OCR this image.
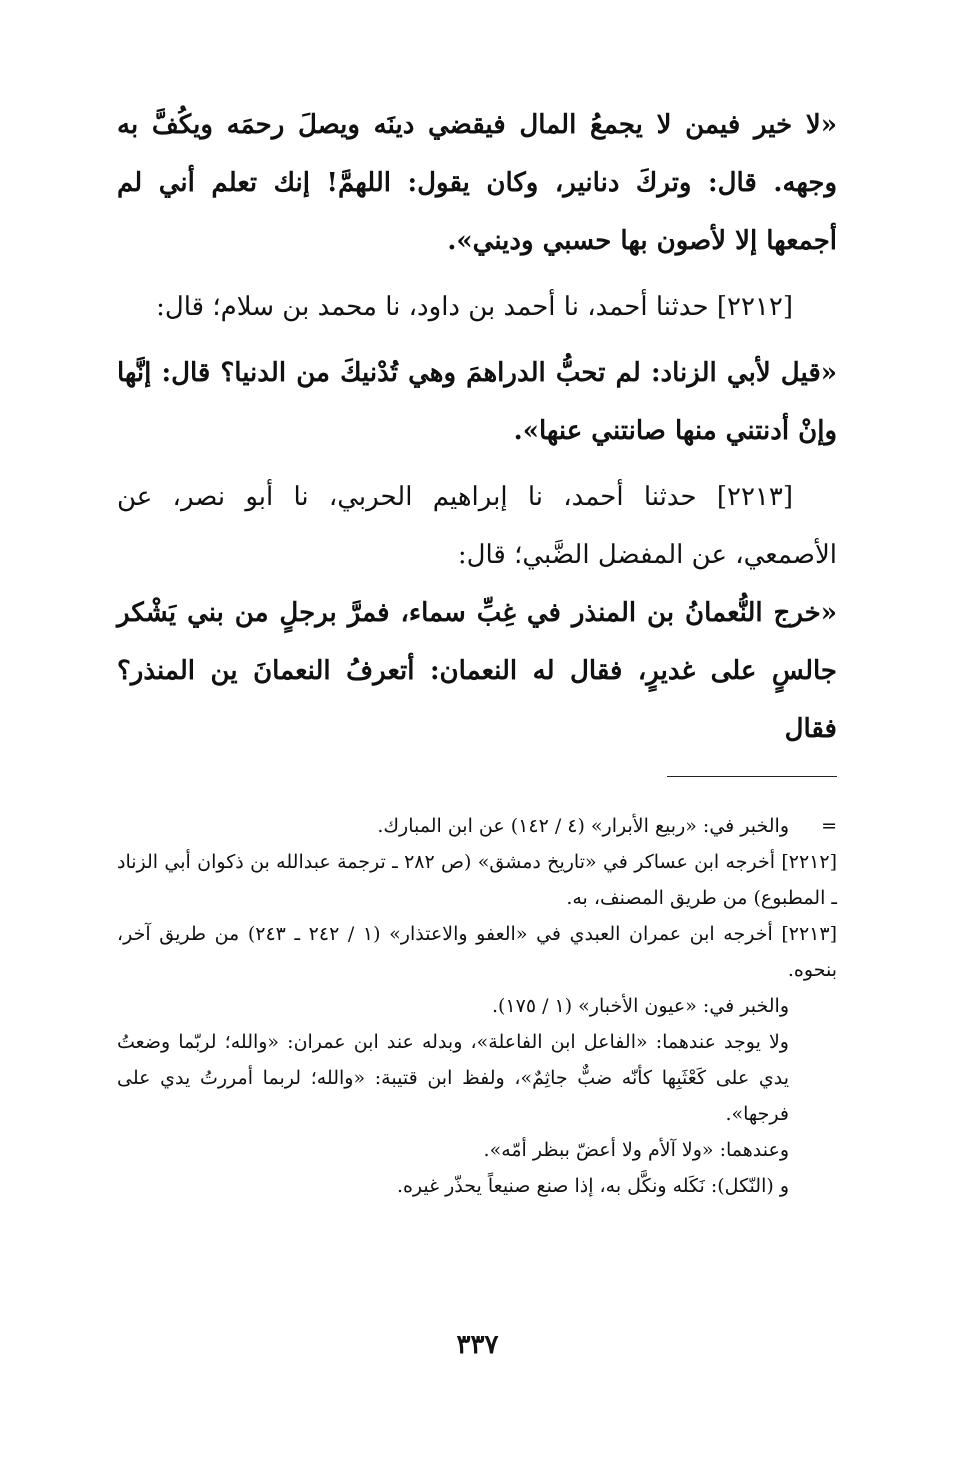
«لا خير فيمن لا يجمعُ المال فيقضي دينَه ويصلَ رحمَه ويكُفَّ به وجهه. قال: وتركَ دنانير، وكان يقول: اللهمَّ! إنك تعلم أني لم أجمعها إلا لأصون بها حسبي وديني».

[٢٢١٢] حدثنا أحمد، نا أحمد بن داود، نا محمد بن سلام؛ قال:

«قيل لأبي الزناد: لم تحبُّ الدراهمَ وهي تُدْنيكَ من الدنيا؟ قال: إنَّها وإنْ أدنتني منها صانتني عنها».

[٢٢١٣] حدثنا أحمد، نا إبراهيم الحربي، نا أبو نصر، عن الأصمعي، عن المفضل الضَّبي؛ قال:

«خرج النُّعمانُ بن المنذر في غِبِّ سماء، فمرَّ برجلٍ من بني يَشْكر جالسٍ على غديرٍ، فقال له النعمان: أتعرفُ النعمانَ ين المنذر؟ فقال

=
والخبر في: «ربيع الأبرار» (٤ / ١٤٢) عن ابن المبارك.

[٢٢١٢] أخرجه ابن عساكر في «تاريخ دمشق» (ص ٢٨٢ ـ ترجمة عبدالله بن ذكوان أبي الزناد ـ المطبوع) من طريق المصنف، به.

[٢٢١٣] أخرجه ابن عمران العبدي في «العفو والاعتذار» (١ / ٢٤٢ ـ ٢٤٣) من طريق آخر، بنحوه.

والخبر في: «عيون الأخبار» (١ / ١٧٥).

ولا يوجد عندهما: «الفاعل ابن الفاعلة»، وبدله عند ابن عمران: «والله؛ لربّما وضعتُ يدي على كَعْثَبِها كأنّه ضبٌّ جاثِمٌ»، ولفظ ابن قتيبة: «والله؛ لربما أمررتُ يدي على فرجها».

وعندهما: «ولا آلأم ولا أعضّ ببظر أمّه».

و (النّكل): نَكَله ونكَّل به، إذا صنع صنيعاً يحذّر غيره.

٣٣٧
